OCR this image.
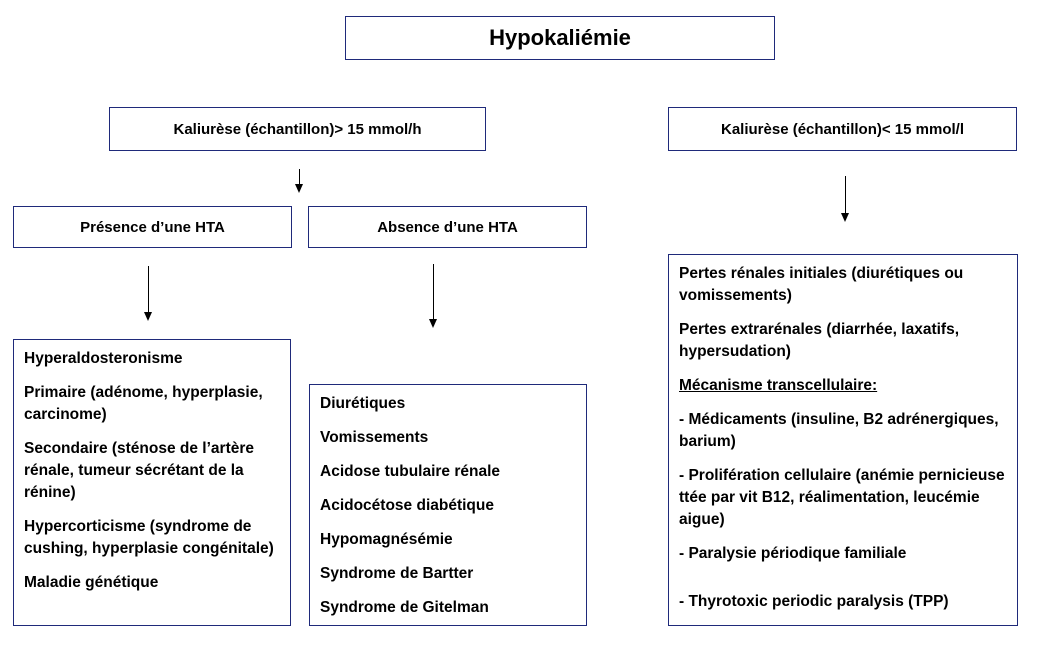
Hypokaliémie
Kaliurèse (échantillon)> 15 mmol/h	Kaliurèse (échantillon)< 15 mmol/l
Présence d’une HTA	Absence d’une HTA

Hyperaldosteronisme

Primaire (adénome, hyperplasie, carcinome)

Secondaire (sténose de l’artère rénale, tumeur sécrétant de la rénine)

Hypercorticisme (syndrome de cushing, hyperplasie congénitale)

Maladie génétique

Diurétiques

Vomissements

Acidose tubulaire rénale

Acidocétose diabétique

Hypomagnésémie

Syndrome de Bartter

Syndrome de Gitelman

Pertes rénales initiales (diurétiques ou vomissements)

Pertes extrarénales (diarrhée, laxatifs, hypersudation)

Mécanisme transcellulaire:

- Médicaments (insuline, B2 adrénergiques, barium)

- Prolifération cellulaire (anémie pernicieuse ttée par vit B12, réalimentation, leucémie aigue)

- Paralysie périodique familiale

- Thyrotoxic periodic paralysis (TPP)
